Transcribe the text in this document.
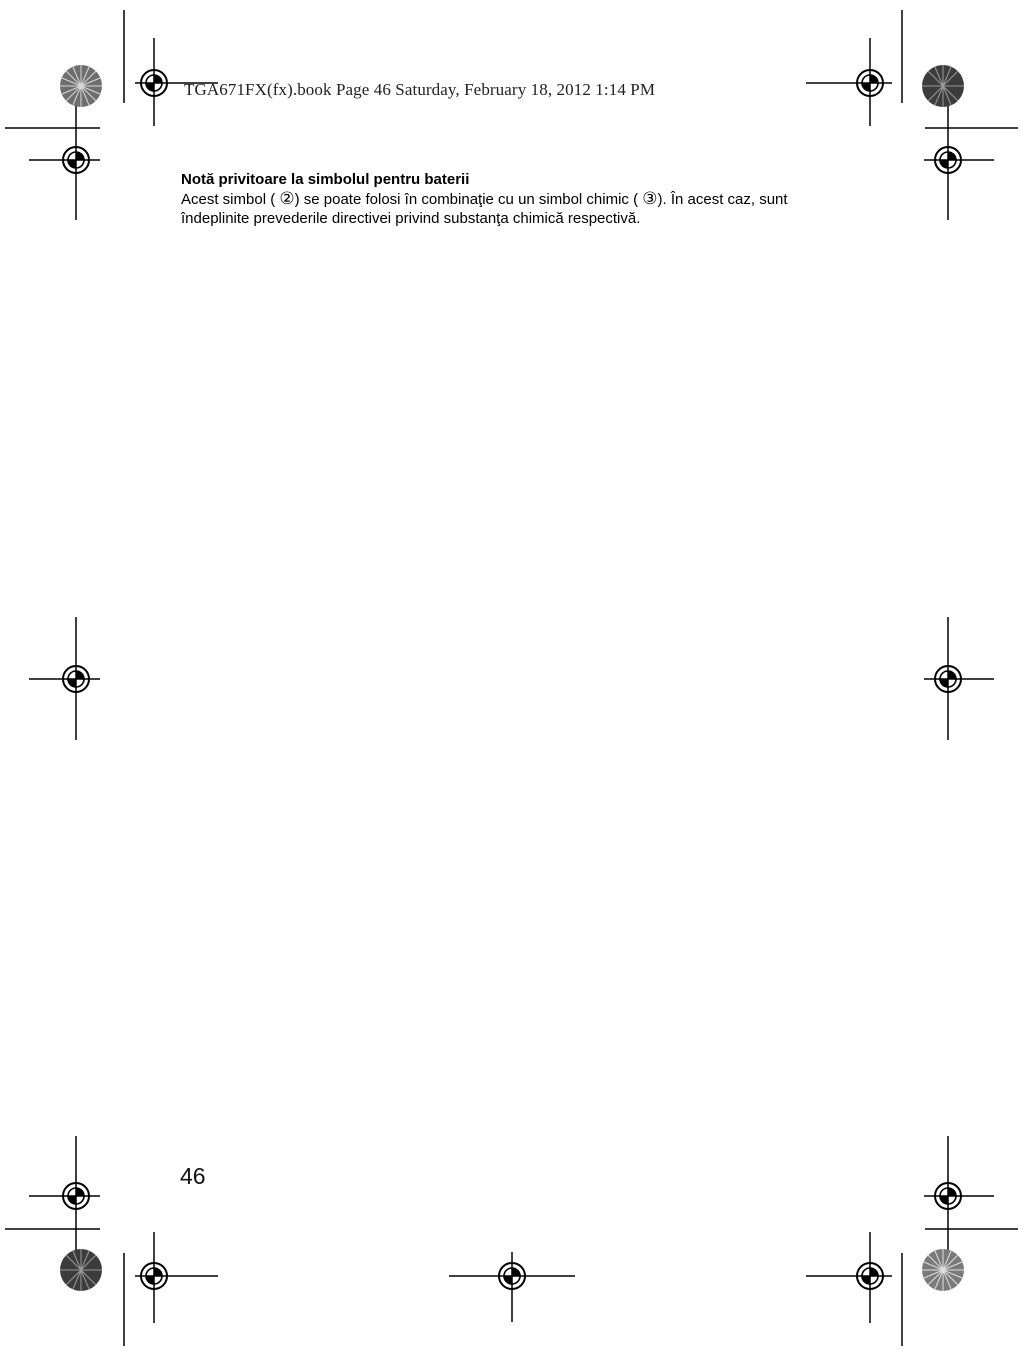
TGA671FX(fx).book Page 46 Saturday, February 18, 2012 1:14 PM
Notă privitoare la simbolul pentru baterii
Acest simbol ( ②) se poate folosi în combinaţie cu un simbol chimic ( ③). În acest caz, sunt
îndeplinite prevederile directivei privind substanţa chimică respectivă.
46
